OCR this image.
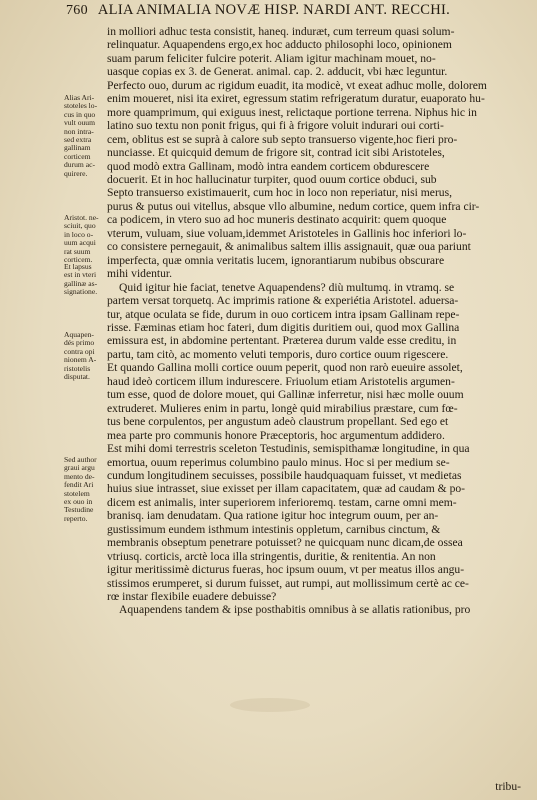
760 ALIA ANIMALIA NOVÆ HISP. NARDI ANT. RECCHI.
in molliori adhuc testa consistit, haneq. induræt, cum terreum quasi solum-
relinquatur. Aquapendens ergo,ex hoc adducto philosophi loco, opinionem
suam parum feliciter fulcire poterit. Aliam igitur machinam mouet, no-
uasque copias ex 3. de Generat. animal. cap. 2. adducit, vbi hæc leguntur.
Perfecto ouo, durum ac rigidum euadit, ita modicè, vt exeat adhuc molle, dolorem
enim moueret, nisi ita exiret, egressum statim refrigeratum duratur, euaporato hu-
more quamprimum, qui exiguus inest, relictaque portione terrena. Niphus hic in
latino suo textu non ponit frigus, qui fi à frigore voluit indurari oui corti-
cem, oblitus est se suprà à calore sub septo transuerso vigente,hoc fieri pro-
nunciasse. Et quicquid demum de frigore sit, contrad icit sibi Aristoteles,
quod modò extra Gallinam, modò intra eandem corticem obdurescere
docuerit. Et in hoc hallucinatur turpiter, quod ouum cortice obduci, sub
Septo transuerso existimauerit, cum hoc in loco non reperiatur, nisi merus,
purus & putus oui vitellus, absque vllo albumine, nedum cortice, quem infra cir-
ca podicem, in vtero suo ad hoc muneris destinato acquirit: quem quoque
vterum, vuluam, siue voluam,idemmet Aristoteles in Gallinis hoc inferiori lo-
co consistere pernegauit, & animalibus saltem illis assignauit, quæ oua pariunt
imperfecta, quæ omnia veritatis lucem, ignorantiarum nubibus obscurare
mihi videntur.
Quid igitur hie faciat, tenetve Aquapendens? diù multumq. in vtramq. se
partem versat torquetq. Ac imprimis ratione & experiétia Aristotel. aduersa-
tur, atque oculata se fide, durum in ouo corticem intra ipsam Gallinam repe-
risse. Fæminas etiam hoc fateri, dum digitis duritiem oui, quod mox Gallina
emissura est, in abdomine pertentant. Præterea durum valde esse creditu, in
partu, tam citò, ac momento veluti temporis, duro cortice ouum rigescere.
Et quando Gallina molli cortice ouum peperit, quod non rarò eueuire assolet,
haud ideò corticem illum indurescere. Friuolum etiam Aristotelis argumen-
tum esse, quod de dolore mouet, qui Gallinæ inferretur, nisi hæc molle ouum
extruderet. Mulieres enim in partu, longè quid mirabilius præstare, cum fœ-
tus bene corpulentos, per angustum adeò claustrum propellant. Sed ego et
mea parte pro communis honore Præceptoris, hoc argumentum addidero.
Est mihi domi terrestris sceleton Testudinis, semispithamæ longitudine, in qua
emortua, ouum reperimus columbino paulo minus. Hoc si per medium se-
cundum longitudinem secuisses, possibile haudquaquam fuisset, vt medietas
huius siue intrasset, siue exisset per illam capacitatem, quæ ad caudam & po-
dicem est animalis, inter superiorem inferioremq. testam, carne omni mem-
branisq. iam denudatam. Qua ratione igitur hoc integrum ouum, per an-
gustissimum eundem isthmum intestinis oppletum, carnibus cinctum, &
membranis obseptum penetrare potuisset? ne quicquam nunc dicam,de ossea
vtriusq. corticis, arctè loca illa stringentis, duritie, & renitentia. An non
igitur meritissimè dicturus fueras, hoc ipsum ouum, vt per meatus illos angu-
stissimos erumperet, si durum fuisset, aut rumpi, aut mollissimum certè ac ce-
rœ instar flexibile euadere debuisse?
Aquapendens tandem & ipse posthabitis omnibus à se allatis rationibus, pro
Alias Ari-
stoteles lo-
cus in quo
vult ouum
non intra-
sed extra
gallinam
corticem
durum ac-
quirere.
Aristot. ne-
sciuit, quo
in loco o-
uum acqui
rat suum
corticem.
Et lapsus
est in vteri
gallinæ as-
signatione.
Aquapen-
dés primo
contra opi
nionem A-
ristotelis
disputat.
Sed author
graui argu
mento de-
fendit Ari
stotelem
ex ouo in
Testudine
reperto.
tribu-
